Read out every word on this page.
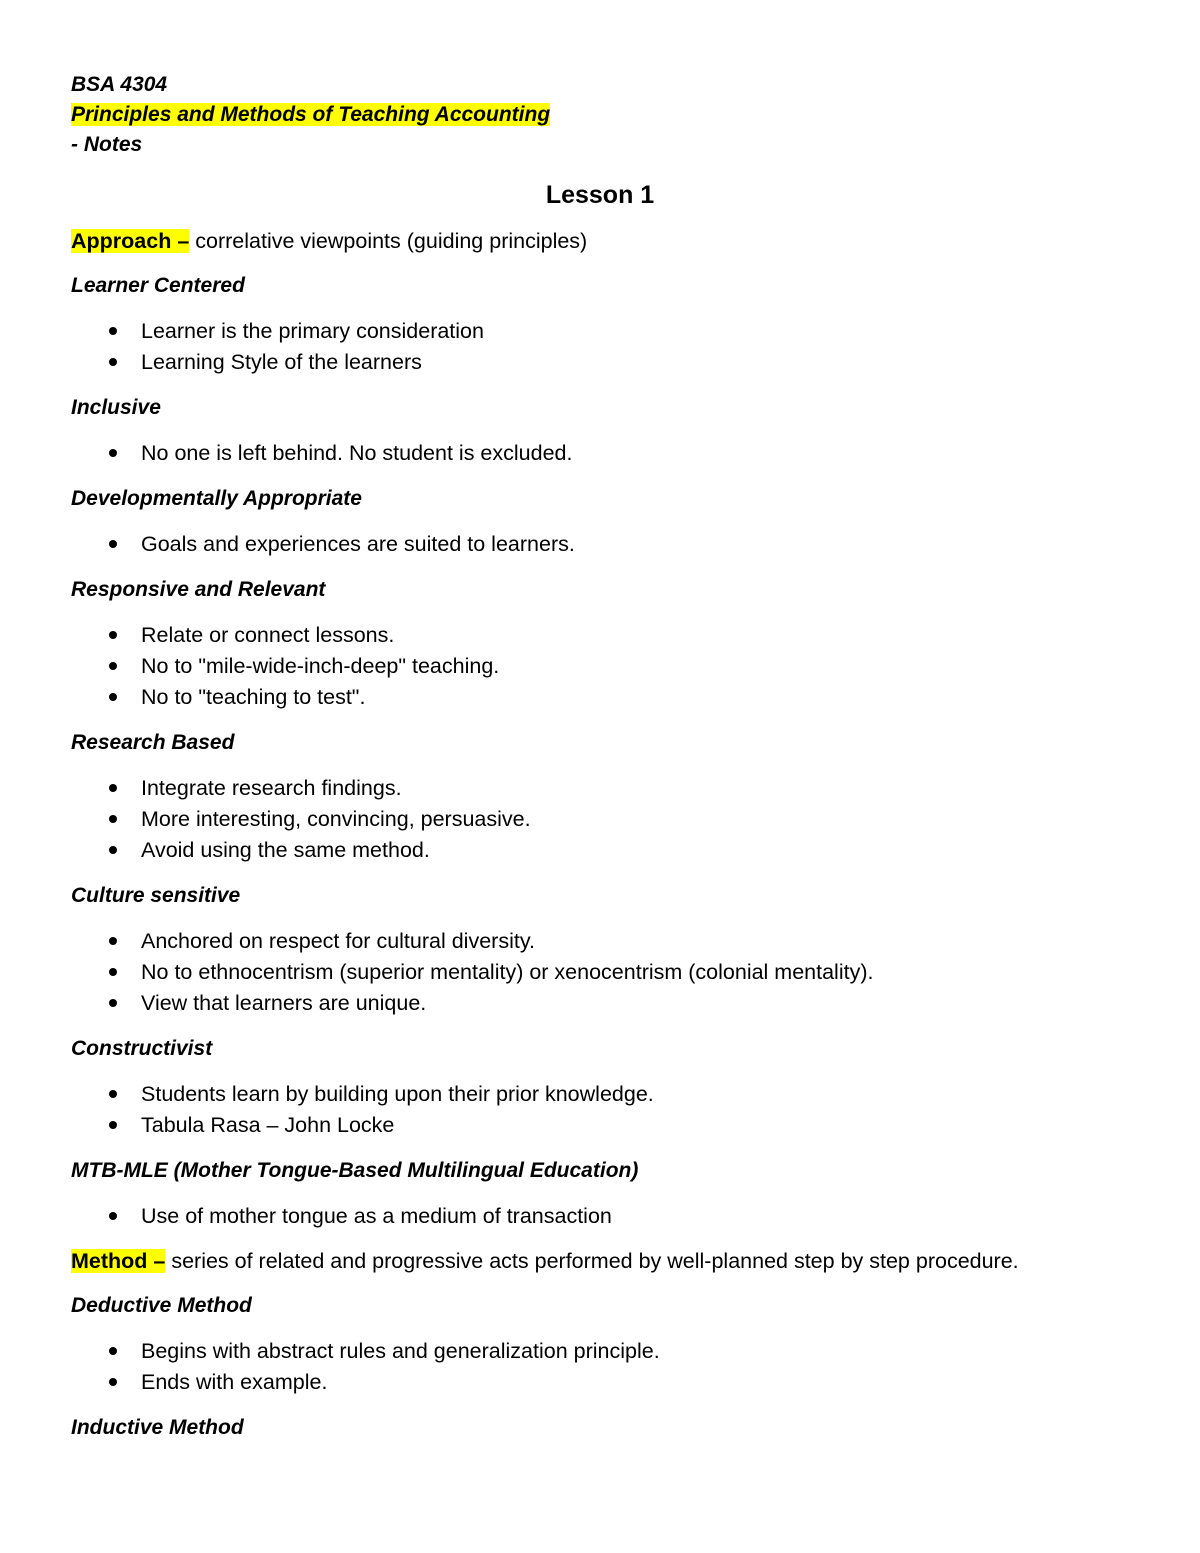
BSA 4304
Principles and Methods of Teaching Accounting
- Notes
Lesson 1
Approach – correlative viewpoints (guiding principles)
Learner Centered
Learner is the primary consideration
Learning Style of the learners
Inclusive
No one is left behind. No student is excluded.
Developmentally Appropriate
Goals and experiences are suited to learners.
Responsive and Relevant
Relate or connect lessons.
No to "mile-wide-inch-deep" teaching.
No to "teaching to test".
Research Based
Integrate research findings.
More interesting, convincing, persuasive.
Avoid using the same method.
Culture sensitive
Anchored on respect for cultural diversity.
No to ethnocentrism (superior mentality) or xenocentrism (colonial mentality).
View that learners are unique.
Constructivist
Students learn by building upon their prior knowledge.
Tabula Rasa – John Locke
MTB-MLE (Mother Tongue-Based Multilingual Education)
Use of mother tongue as a medium of transaction
Method – series of related and progressive acts performed by well-planned step by step procedure.
Deductive Method
Begins with abstract rules and generalization principle.
Ends with example.
Inductive Method
